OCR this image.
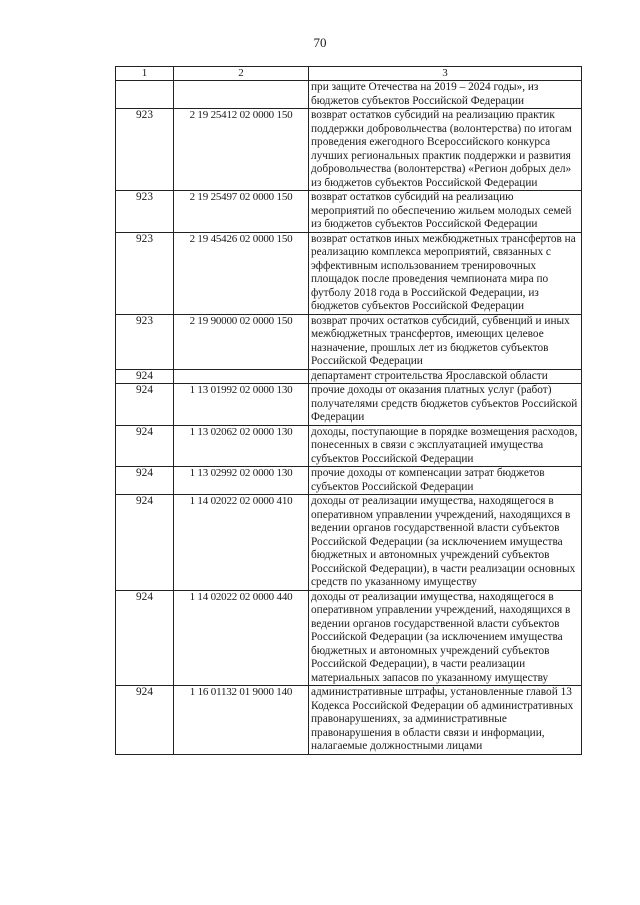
70
1	2	3
		при защите Отечества на 2019 – 2024 годы», из бюджетов субъектов Российской Федерации
923	2 19 25412 02 0000 150	возврат остатков субсидий на реализацию практик поддержки добровольчества (волонтерства) по итогам проведения ежегодного Всероссийского конкурса лучших региональных практик поддержки и развития добровольчества (волонтерства) «Регион добрых дел» из бюджетов субъектов Российской Федерации
923	2 19 25497 02 0000 150	возврат остатков субсидий на реализацию мероприятий по обеспечению жильем молодых семей из бюджетов субъектов Российской Федерации
923	2 19 45426 02 0000 150	возврат остатков иных межбюджетных трансфертов на реализацию комплекса мероприятий, связанных с эффективным использованием тренировочных площадок после проведения чемпионата мира по футболу 2018 года в Российской Федерации, из бюджетов субъектов Российской Федерации
923	2 19 90000 02 0000 150	возврат прочих остатков субсидий, субвенций и иных межбюджетных трансфертов, имеющих целевое назначение, прошлых лет из бюджетов субъектов Российской Федерации
924		департамент строительства Ярославской области
924	1 13 01992 02 0000 130	прочие доходы от оказания платных услуг (работ) получателями средств бюджетов субъектов Российской Федерации
924	1 13 02062 02 0000 130	доходы, поступающие в порядке возмещения расходов, понесенных в связи с эксплуатацией имущества субъектов Российской Федерации
924	1 13 02992 02 0000 130	прочие доходы от компенсации затрат бюджетов субъектов Российской Федерации
924	1 14 02022 02 0000 410	доходы от реализации имущества, находящегося в оперативном управлении учреждений, находящихся в ведении органов государственной власти субъектов Российской Федерации (за исключением имущества бюджетных и автономных учреждений субъектов Российской Федерации), в части реализации основных средств по указанному имуществу
924	1 14 02022 02 0000 440	доходы от реализации имущества, находящегося в оперативном управлении учреждений, находящихся в ведении органов государственной власти субъектов Российской Федерации (за исключением имущества бюджетных и автономных учреждений субъектов Российской Федерации), в части реализации материальных запасов по указанному имуществу
924	1 16 01132 01 9000 140	административные штрафы, установленные главой 13 Кодекса Российской Федерации об административных правонарушениях, за административные правонарушения в области связи и информации, налагаемые должностными лицами
